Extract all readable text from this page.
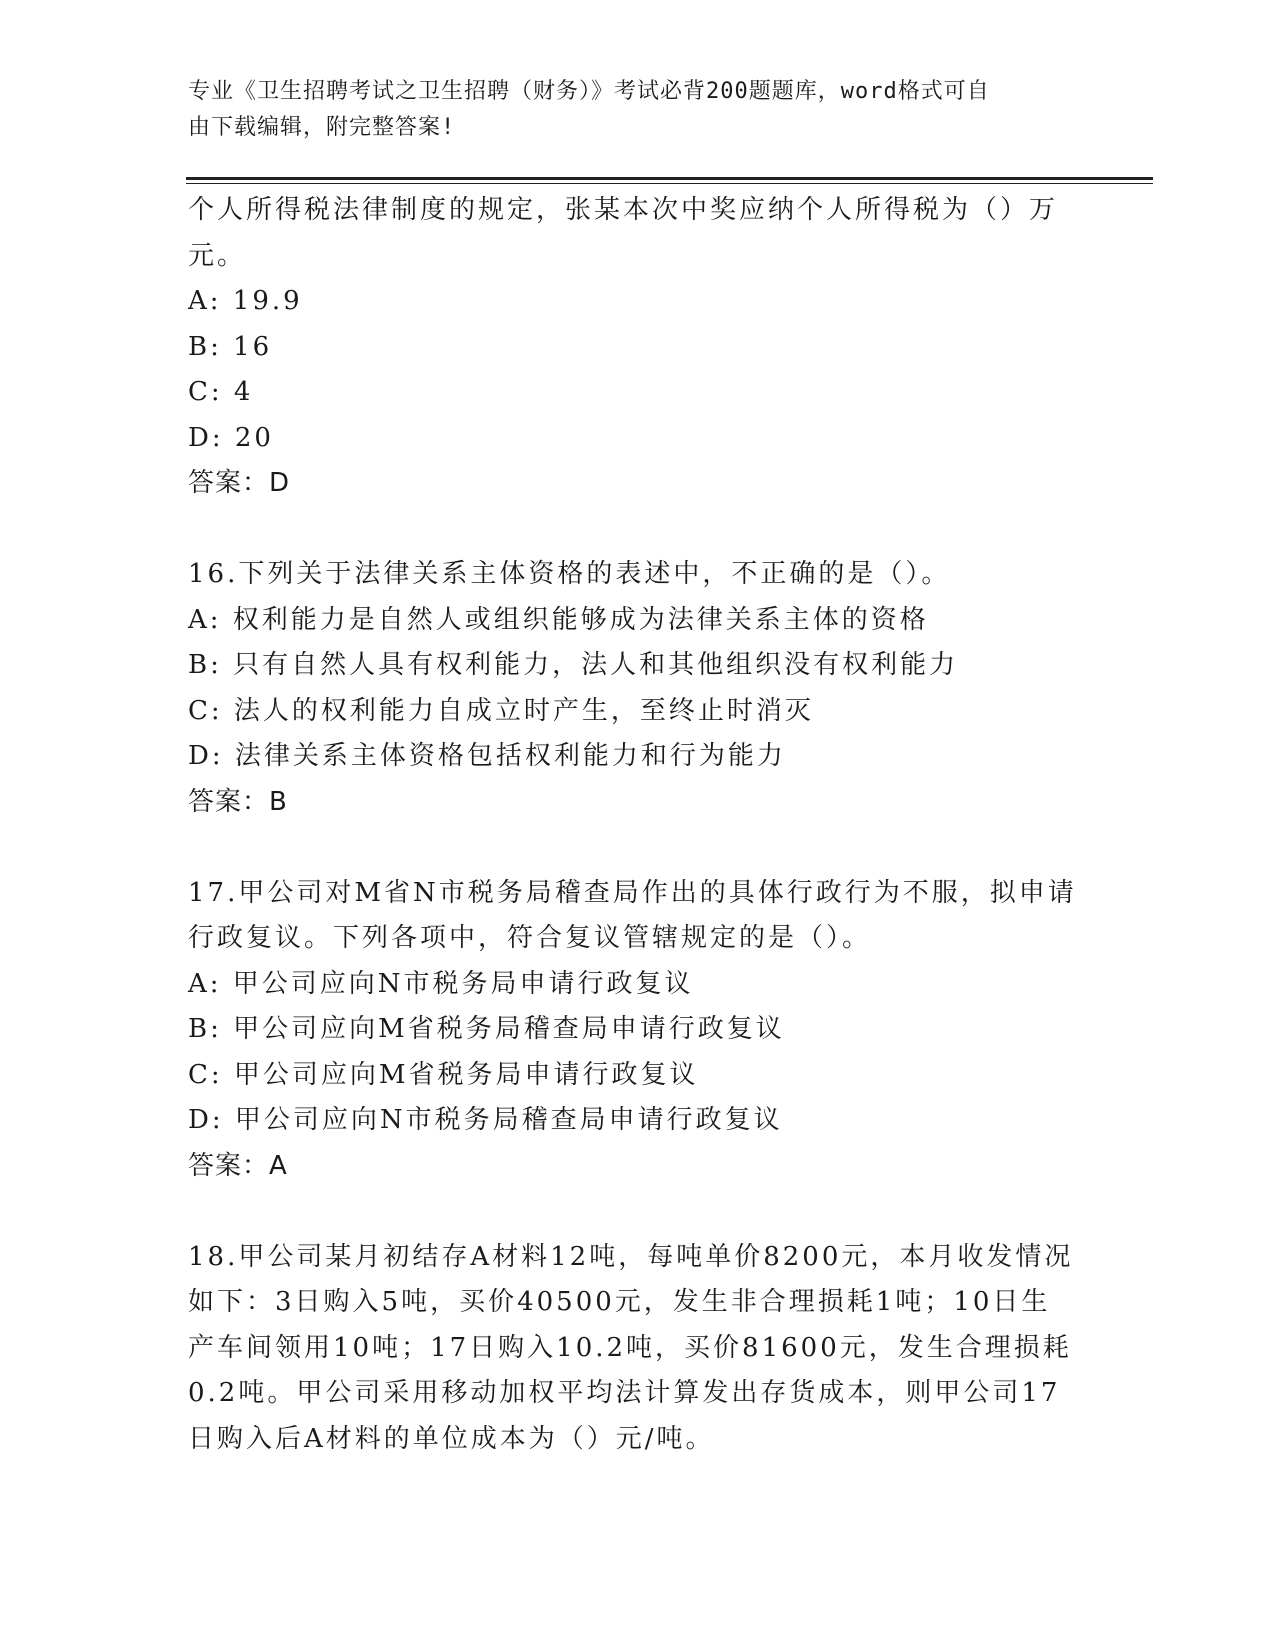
专业《卫生招聘考试之卫生招聘（财务）》考试必背200题题库，word格式可自
由下载编辑，附完整答案!
个人所得税法律制度的规定，张某本次中奖应纳个人所得税为（）万
元。
A: 19.9
B: 16
C: 4
D: 20
答案：D
16.下列关于法律关系主体资格的表述中，不正确的是（）。
A: 权利能力是自然人或组织能够成为法律关系主体的资格
B: 只有自然人具有权利能力，法人和其他组织没有权利能力
C: 法人的权利能力自成立时产生，至终止时消灭
D: 法律关系主体资格包括权利能力和行为能力
答案：B
17.甲公司对M省N市税务局稽查局作出的具体行政行为不服，拟申请
行政复议。下列各项中，符合复议管辖规定的是（）。
A: 甲公司应向N市税务局申请行政复议
B: 甲公司应向M省税务局稽查局申请行政复议
C: 甲公司应向M省税务局申请行政复议
D: 甲公司应向N市税务局稽查局申请行政复议
答案：A
18.甲公司某月初结存A材料12吨，每吨单价8200元，本月收发情况
如下：3日购入5吨，买价40500元，发生非合理损耗1吨；10日生
产车间领用10吨；17日购入10.2吨，买价81600元，发生合理损耗
0.2吨。甲公司采用移动加权平均法计算发出存货成本，则甲公司17
日购入后A材料的单位成本为（）元/吨。
